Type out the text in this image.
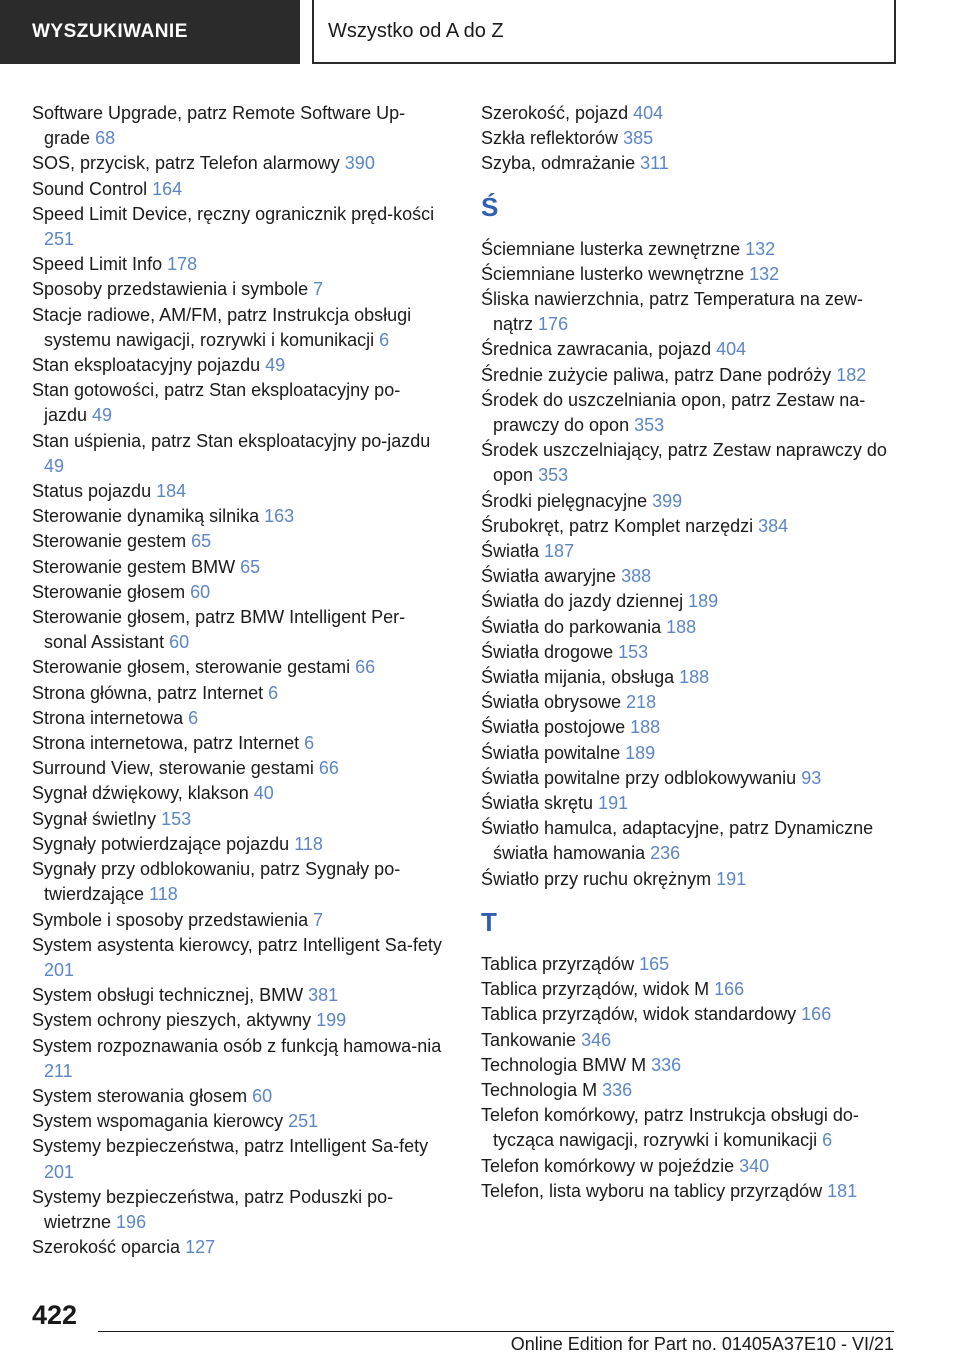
WYSZUKIWANIE	Wszystko od A do Z
Software Upgrade, patrz Remote Software Up-grade 68
SOS, przycisk, patrz Telefon alarmowy 390
Sound Control 164
Speed Limit Device, ręczny ogranicznik pręd-kości 251
Speed Limit Info 178
Sposoby przedstawienia i symbole 7
Stacje radiowe, AM/FM, patrz Instrukcja obsługi systemu nawigacji, rozrywki i komunikacji 6
Stan eksploatacyjny pojazdu 49
Stan gotowości, patrz Stan eksploatacyjny po-jazdu 49
Stan uśpienia, patrz Stan eksploatacyjny po-jazdu 49
Status pojazdu 184
Sterowanie dynamiką silnika 163
Sterowanie gestem 65
Sterowanie gestem BMW 65
Sterowanie głosem 60
Sterowanie głosem, patrz BMW Intelligent Per-sonal Assistant 60
Sterowanie głosem, sterowanie gestami 66
Strona główna, patrz Internet 6
Strona internetowa 6
Strona internetowa, patrz Internet 6
Surround View, sterowanie gestami 66
Sygnał dźwiękowy, klakson 40
Sygnał świetlny 153
Sygnały potwierdzające pojazdu 118
Sygnały przy odblokowaniu, patrz Sygnały po-twierdzające 118
Symbole i sposoby przedstawienia 7
System asystenta kierowcy, patrz Intelligent Sa-fety 201
System obsługi technicznej, BMW 381
System ochrony pieszych, aktywny 199
System rozpoznawania osób z funkcją hamowa-nia 211
System sterowania głosem 60
System wspomagania kierowcy 251
Systemy bezpieczeństwa, patrz Intelligent Sa-fety 201
Systemy bezpieczeństwa, patrz Poduszki po-wietrzne 196
Szerokość oparcia 127
Szerokość, pojazd 404
Szkła reflektorów 385
Szyba, odmrażanie 311
Ś
Ściemniane lusterka zewnętrzne 132
Ściemniane lusterko wewnętrzne 132
Śliska nawierzchnia, patrz Temperatura na zew-nątrz 176
Średnica zawracania, pojazd 404
Średnie zużycie paliwa, patrz Dane podróży 182
Środek do uszczelniania opon, patrz Zestaw na-prawczy do opon 353
Środek uszczelniający, patrz Zestaw naprawczy do opon 353
Środki pielęgnacyjne 399
Śrubokręt, patrz Komplet narzędzi 384
Światła 187
Światła awaryjne 388
Światła do jazdy dziennej 189
Światła do parkowania 188
Światła drogowe 153
Światła mijania, obsługa 188
Światła obrysowe 218
Światła postojowe 188
Światła powitalne 189
Światła powitalne przy odblokowywaniu 93
Światła skrętu 191
Światło hamulca, adaptacyjne, patrz Dynamiczne światła hamowania 236
Światło przy ruchu okrężnym 191
T
Tablica przyrządów 165
Tablica przyrządów, widok M 166
Tablica przyrządów, widok standardowy 166
Tankowanie 346
Technologia BMW M 336
Technologia M 336
Telefon komórkowy, patrz Instrukcja obsługi do-tycząca nawigacji, rozrywki i komunikacji 6
Telefon komórkowy w pojeździe 340
Telefon, lista wyboru na tablicy przyrządów 181
422
Online Edition for Part no. 01405A37E10 - VI/21
